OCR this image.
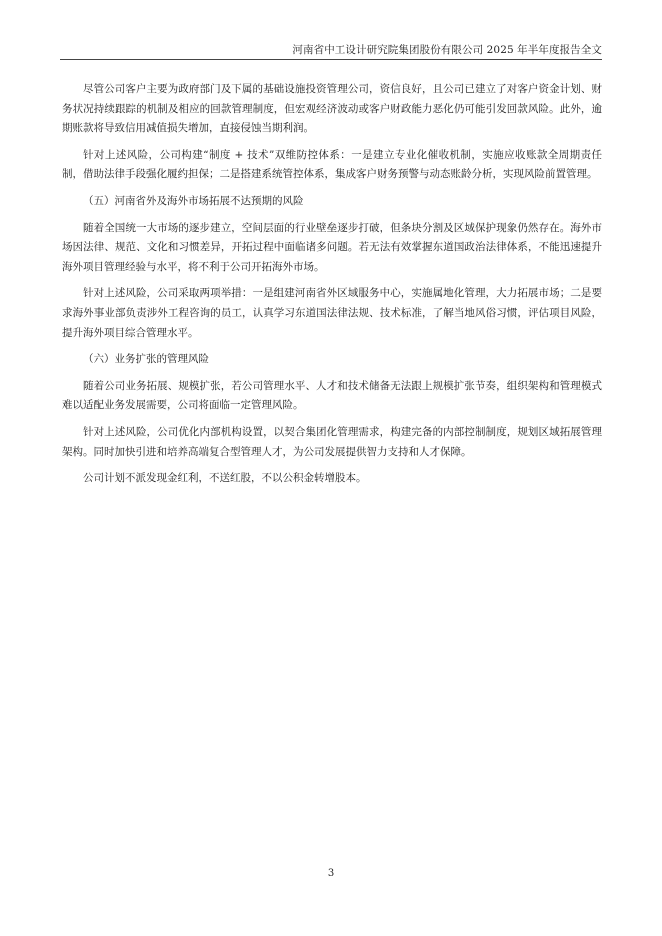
河南省中工设计研究院集团股份有限公司 2025 年半年度报告全文

尽管公司客户主要为政府部门及下属的基础设施投资管理公司，资信良好，且公司已建立了对客户资金计划、财务状况持续跟踪的机制及相应的回款管理制度，但宏观经济波动或客户财政能力恶化仍可能引发回款风险。此外，逾期账款将导致信用减值损失增加，直接侵蚀当期利润。

针对上述风险，公司构建“制度 + 技术”双维防控体系：一是建立专业化催收机制，实施应收账款全周期责任制，借助法律手段强化履约担保；二是搭建系统管控体系，集成客户财务预警与动态账龄分析，实现风险前置管理。

（五）河南省外及海外市场拓展不达预期的风险

随着全国统一大市场的逐步建立，空间层面的行业壁垒逐步打破，但条块分割及区域保护现象仍然存在。海外市场因法律、规范、文化和习惯差异，开拓过程中面临诸多问题。若无法有效掌握东道国政治法律体系，不能迅速提升海外项目管理经验与水平，将不利于公司开拓海外市场。

针对上述风险，公司采取两项举措：一是组建河南省外区域服务中心，实施属地化管理，大力拓展市场；二是要求海外事业部负责涉外工程咨询的员工，认真学习东道国法律法规、技术标准，了解当地风俗习惯，评估项目风险，提升海外项目综合管理水平。

（六）业务扩张的管理风险

随着公司业务拓展、规模扩张，若公司管理水平、人才和技术储备无法跟上规模扩张节奏，组织架构和管理模式难以适配业务发展需要，公司将面临一定管理风险。

针对上述风险，公司优化内部机构设置，以契合集团化管理需求，构建完备的内部控制制度，规划区域拓展管理架构。同时加快引进和培养高端复合型管理人才，为公司发展提供智力支持和人才保障。

公司计划不派发现金红利，不送红股，不以公积金转增股本。

3
